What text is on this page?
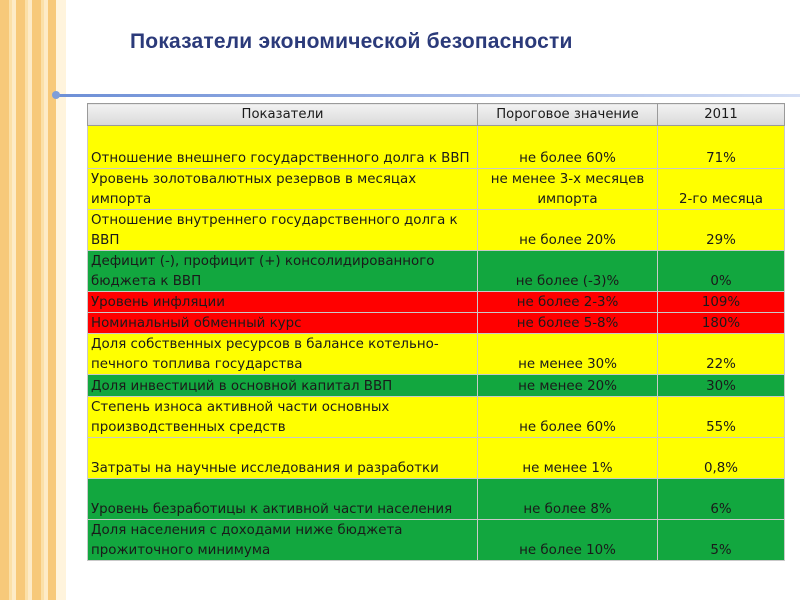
Показатели экономической безопасности
Показатели	Пороговое значение	2011
Отношение внешнего государственного долга к ВВП	не более 60%	71%
Уровень золотовалютных резервов в месяцах импорта	не менее 3-х месяцев импорта	2-го месяца
Отношение внутреннего государственного долга к ВВП	не более 20%	29%
Дефицит (-), профицит (+) консолидированного бюджета к ВВП	не более (-3)%	0%
Уровень инфляции	не более 2-3%	109%
Номинальный обменный курс	не более 5-8%	180%
Доля собственных ресурсов в балансе котельно-печного топлива государства	не менее 30%	22%
Доля инвестиций в основной капитал ВВП	не менее 20%	30%
Степень износа активной части основных производственных средств	не более 60%	55%
Затраты на научные исследования и разработки	не менее 1%	0,8%
Уровень безработицы к активной части населения	не более 8%	6%
Доля населения с доходами ниже бюджета прожиточного минимума	не более 10%	5%
